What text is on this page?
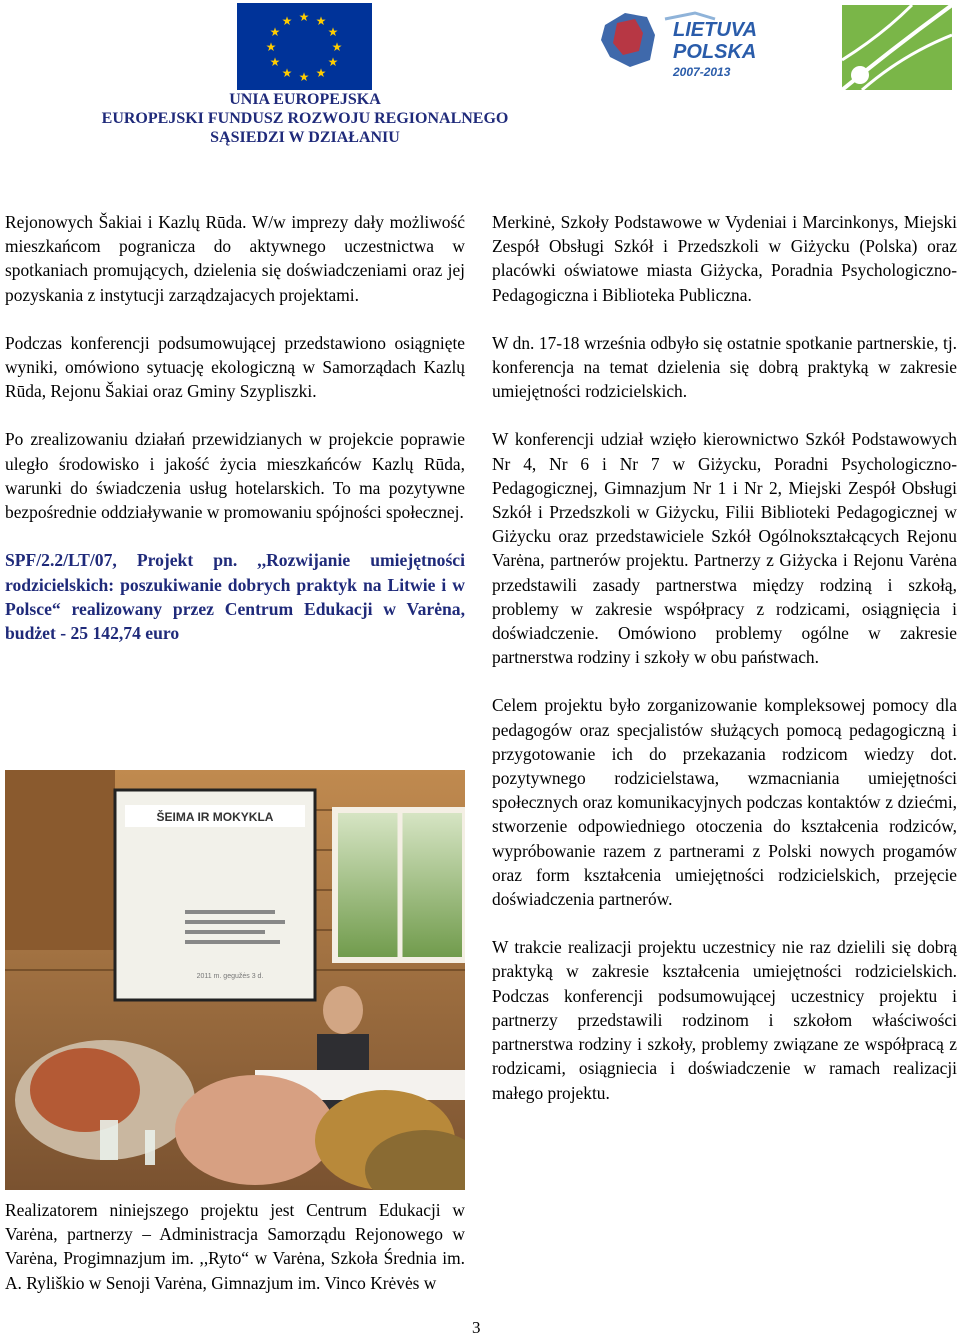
★ ★
★
★
★
★
★
★
★
★
★
★	LIETUVA
POLSKA
2007-2013
UNIA EUROPEJSKA
EUROPEJSKI FUNDUSZ ROZWOJU REGIONALNEGO
SĄSIEDZI W DZIAŁANIU

Rejonowych Šakiai i Kazlų Rūda. W/w imprezy dały możliwość mieszkańcom pogranicza do aktywnego uczestnictwa w spotkaniach promujących, dzielenia się doświadczeniami oraz jej pozyskania z instytucji zarządzajacych projektami.

Podczas konferencji podsumowującej przedstawiono osiągnięte wyniki, omówiono sytuację ekologiczną w Samorządach Kazlų Rūda, Rejonu Šakiai oraz Gminy Szypliszki.

Po zrealizowaniu działań przewidzianych w projekcie poprawie uległo środowisko i jakość życia mieszkańców Kazlų Rūda, warunki do świadczenia usług hotelarskich. To ma pozytywne bezpośrednie oddziaływanie w promowaniu spójności społecznej.

SPF/2.2/LT/07, Projekt pn. ,,Rozwijanie umiejętności rodzicielskich: poszukiwanie dobrych praktyk na Litwie i w Polsce“ realizowany przez Centrum Edukacji w Varėna, budżet - 25 142,74 euro

ŠEIMA IR MOKYKLA
2011 m. gegužės 3 d.

Realizatorem niniejszego projektu jest Centrum Edukacji w Varėna, partnerzy – Administracja Samorządu Rejonowego w Varėna, Progimnazjum im. ,,Ryto“ w Varėna, Szkoła Średnia im. A. Ryliškio w Senoji Varėna, Gimnazjum im. Vinco Krėvės w

Merkinė, Szkoły Podstawowe w Vydeniai i Marcinkonys, Miejski Zespół Obsługi Szkół i Przedszkoli w Giżycku (Polska) oraz placówki oświatowe miasta Giżycka, Poradnia Psychologiczno-Pedagogiczna i Biblioteka Publiczna.

W dn. 17-18 września odbyło się ostatnie spotkanie partnerskie, tj. konferencja na temat dzielenia się dobrą praktyką w zakresie umiejętności rodzicielskich.

W konferencji udział wzięło kierownictwo Szkół Podstawowych Nr 4, Nr 6 i Nr 7 w Giżycku, Poradni Psychologiczno-Pedagogicznej, Gimnazjum Nr 1 i Nr 2, Miejski Zespół Obsługi Szkół i Przedszkoli w Giżycku, Filii Biblioteki Pedagogicznej w Giżycku oraz przedstawiciele Szkół Ogólnokształcących Rejonu Varėna, partnerów projektu. Partnerzy z Giżycka i Rejonu Varėna przedstawili zasady partnerstwa między rodziną i szkołą, problemy w zakresie współpracy z rodzicami, osiągnięcia i doświadczenie. Omówiono problemy ogólne w zakresie partnerstwa rodziny i szkoły w obu państwach.

Celem projektu było zorganizowanie kompleksowej pomocy dla pedagogów oraz specjalistów służących pomocą pedagogiczną i przygotowanie ich do przekazania rodzicom wiedzy dot. pozytywnego rodzicielstawa, wzmacniania umiejętności społecznych oraz komunikacyjnych podczas kontaktów z dziećmi, stworzenie odpowiedniego otoczenia do kształcenia rodziców, wypróbowanie razem z partnerami z Polski nowych progamów oraz form kształcenia umiejętności rodzicielskich, przejęcie doświadczenia partnerów.

W trakcie realizacji projektu uczestnicy nie raz dzielili się dobrą praktyką w zakresie kształcenia umiejętności rodzicielskich. Podczas konferencji podsumowującej uczestnicy projektu i partnerzy przedstawili rodzinom i szkołom właściwości partnerstwa rodziny i szkoły, problemy związane ze współpracą z rodzicami, osiągniecia i doświadczenie w ramach realizacji małego projektu.

3
